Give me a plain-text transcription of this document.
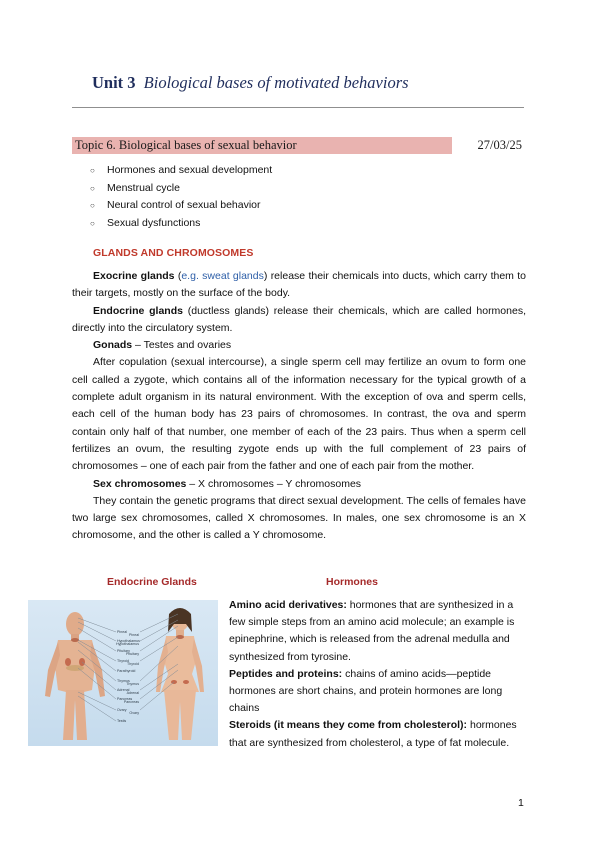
Unit 3 Biological bases of motivated behaviors
Topic 6. Biological bases of sexual behavior	27/03/25
○ Hormones and sexual development
○ Menstrual cycle
○ Neural control of sexual behavior
○ Sexual dysfunctions
GLANDS AND CHROMOSOMES

Exocrine glands (e.g. sweat glands) release their chemicals into ducts, which carry them to their targets, mostly on the surface of the body.

Endocrine glands (ductless glands) release their chemicals, which are called hormones, directly into the circulatory system.

Gonads – Testes and ovaries

After copulation (sexual intercourse), a single sperm cell may fertilize an ovum to form one cell called a zygote, which contains all of the information necessary for the typical growth of a complete adult organism in its natural environment. With the exception of ova and sperm cells, each cell of the human body has 23 pairs of chromosomes. In contrast, the ova and sperm contain only half of that number, one member of each of the 23 pairs. Thus when a sperm cell fertilizes an ovum, the resulting zygote ends up with the full complement of 23 pairs of chromosomes – one of each pair from the father and one of each pair from the mother.

Sex chromosomes – X chromosomes – Y chromosomes

They contain the genetic programs that direct sexual development. The cells of females have two large sex chromosomes, called X chromosomes. In males, one sex chromosome is an X chromosome, and the other is called a Y chromosome.

Endocrine Glands	Hormones
Pineal
Hypothalamus
Pituitary
Thyroid
Parathyroid
Thymus
Adrenal
Pancreas
Ovary
Testis
Pineal
Hypothalamus
Pituitary
Thyroid
Thymus
Adrenal
Pancreas
Ovary

Amino acid derivatives: hormones that are synthesized in a few simple steps from an amino acid molecule; an example is epinephrine, which is released from the adrenal medulla and synthesized from tyrosine.

Peptides and proteins: chains of amino acids—peptide hormones are short chains, and protein hormones are long chains

Steroids (it means they come from cholesterol): hormones that are synthesized from cholesterol, a type of fat molecule.

1
